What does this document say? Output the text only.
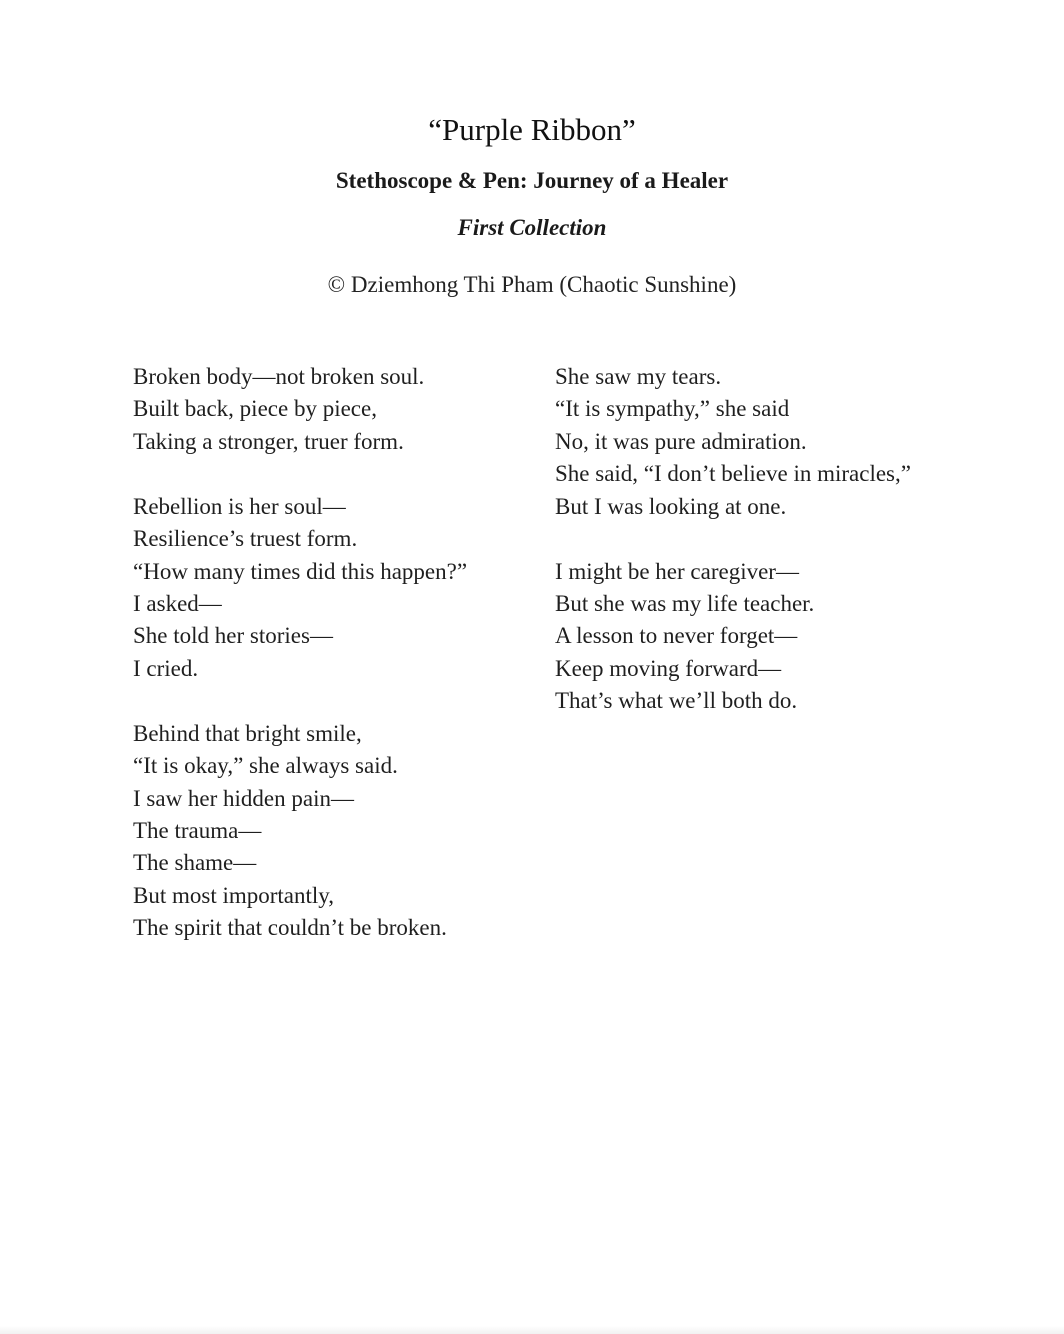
“Purple Ribbon”
Stethoscope & Pen: Journey of a Healer
First Collection
© Dziemhong Thi Pham (Chaotic Sunshine)
Broken body—not broken soul.
Built back, piece by piece,
Taking a stronger, truer form.
Rebellion is her soul—
Resilience’s truest form.
“How many times did this happen?”
I asked—
She told her stories—
I cried.
Behind that bright smile,
“It is okay,” she always said.
I saw her hidden pain—
The trauma—
The shame—
But most importantly,
The spirit that couldn’t be broken.
She saw my tears.
“It is sympathy,” she said
No, it was pure admiration.
She said, “I don’t believe in miracles,”
But I was looking at one.
I might be her caregiver—
But she was my life teacher.
A lesson to never forget—
Keep moving forward—
That’s what we’ll both do.
